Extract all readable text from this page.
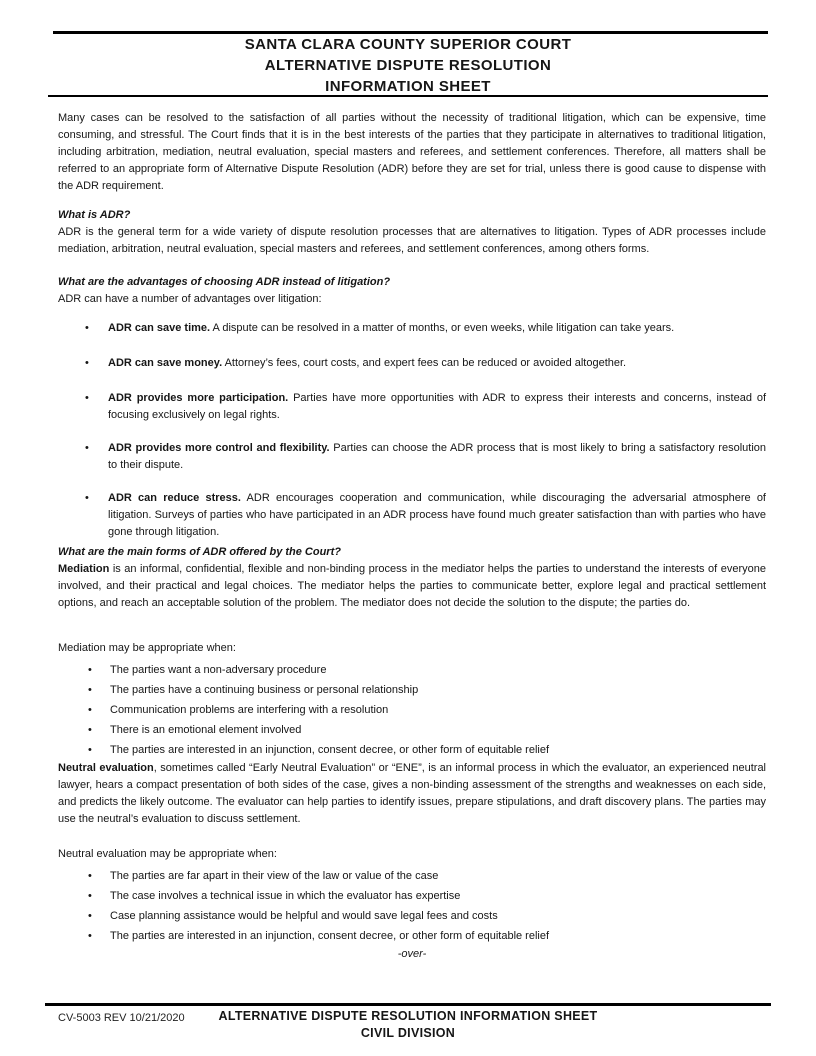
SANTA CLARA COUNTY SUPERIOR COURT
ALTERNATIVE DISPUTE RESOLUTION
INFORMATION SHEET
Many cases can be resolved to the satisfaction of all parties without the necessity of traditional litigation, which can be expensive, time consuming, and stressful. The Court finds that it is in the best interests of the parties that they participate in alternatives to traditional litigation, including arbitration, mediation, neutral evaluation, special masters and referees, and settlement conferences. Therefore, all matters shall be referred to an appropriate form of Alternative Dispute Resolution (ADR) before they are set for trial, unless there is good cause to dispense with the ADR requirement.
What is ADR?
ADR is the general term for a wide variety of dispute resolution processes that are alternatives to litigation. Types of ADR processes include mediation, arbitration, neutral evaluation, special masters and referees, and settlement conferences, among others forms.
What are the advantages of choosing ADR instead of litigation?
ADR can have a number of advantages over litigation:
• ADR can save time. A dispute can be resolved in a matter of months, or even weeks, while litigation can take years.
• ADR can save money. Attorney’s fees, court costs, and expert fees can be reduced or avoided altogether.
• ADR provides more participation. Parties have more opportunities with ADR to express their interests and concerns, instead of focusing exclusively on legal rights.
• ADR provides more control and flexibility. Parties can choose the ADR process that is most likely to bring a satisfactory resolution to their dispute.
• ADR can reduce stress. ADR encourages cooperation and communication, while discouraging the adversarial atmosphere of litigation. Surveys of parties who have participated in an ADR process have found much greater satisfaction than with parties who have gone through litigation.
What are the main forms of ADR offered by the Court?
Mediation is an informal, confidential, flexible and non-binding process in the mediator helps the parties to understand the interests of everyone involved, and their practical and legal choices. The mediator helps the parties to communicate better, explore legal and practical settlement options, and reach an acceptable solution of the problem. The mediator does not decide the solution to the dispute; the parties do.
Mediation may be appropriate when:
• The parties want a non-adversary procedure
• The parties have a continuing business or personal relationship
• Communication problems are interfering with a resolution
• There is an emotional element involved
• The parties are interested in an injunction, consent decree, or other form of equitable relief
Neutral evaluation, sometimes called “Early Neutral Evaluation” or “ENE”, is an informal process in which the evaluator, an experienced neutral lawyer, hears a compact presentation of both sides of the case, gives a non-binding assessment of the strengths and weaknesses on each side, and predicts the likely outcome. The evaluator can help parties to identify issues, prepare stipulations, and draft discovery plans. The parties may use the neutral’s evaluation to discuss settlement.
Neutral evaluation may be appropriate when:
• The parties are far apart in their view of the law or value of the case
• The case involves a technical issue in which the evaluator has expertise
• Case planning assistance would be helpful and would save legal fees and costs
• The parties are interested in an injunction, consent decree, or other form of equitable relief
-over-
CV-5003 REV 10/21/2020	ALTERNATIVE DISPUTE RESOLUTION INFORMATION SHEET
CIVIL DIVISION
